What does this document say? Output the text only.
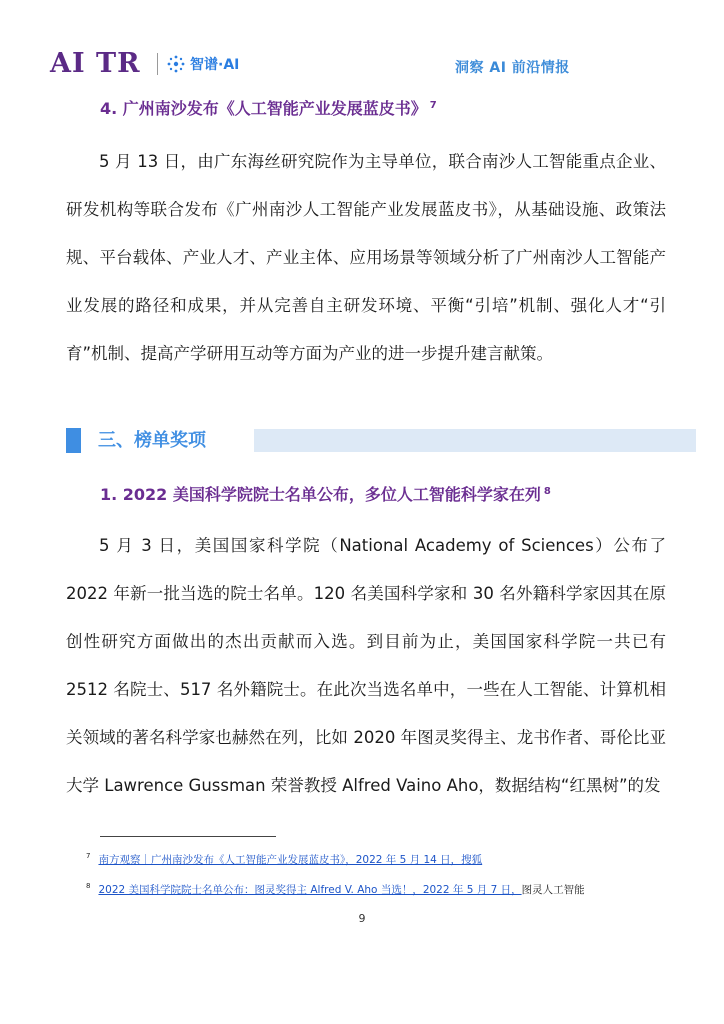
AI TR	智谱·AI	洞察 AI 前沿情报
4. 广州南沙发布《人工智能产业发展蓝皮书》 $^7$
5 月 13 日，由广东海丝研究院作为主导单位，联合南沙人工智能重点企业、研发机构等联合发布《广州南沙人工智能产业发展蓝皮书》，从基础设施、政策法规、平台载体、产业人才、产业主体、应用场景等领域分析了广州南沙人工智能产业发展的路径和成果，并从完善自主研发环境、平衡“引培”机制、强化人才“引育”机制、提高产学研用互动等方面为产业的进一步提升建言献策。
三、榜单奖项
1. 2022 美国科学院院士名单公布，多位人工智能科学家在列 $^8$
5 月 3 日，美国国家科学院（National Academy of Sciences）公布了 2022 年新一批当选的院士名单。120 名美国科学家和 30 名外籍科学家因其在原创性研究方面做出的杰出贡献而入选。到目前为止，美国国家科学院一共已有 2512 名院士、517 名外籍院士。在此次当选名单中，一些在人工智能、计算机相关领域的著名科学家也赫然在列，比如 2020 年图灵奖得主、龙书作者、哥伦比亚大学 Lawrence Gussman 荣誉教授 Alfred Vaino Aho，数据结构“红黑树”的发
$^7$ 南方观察｜广州南沙发布《人工智能产业发展蓝皮书》，2022 年 5 月 14 日，搜狐
$^8$ 2022 美国科学院院士名单公布：图灵奖得主 Alfred V. Aho 当选！，2022 年 5 月 7 日，图灵人工智能
9
